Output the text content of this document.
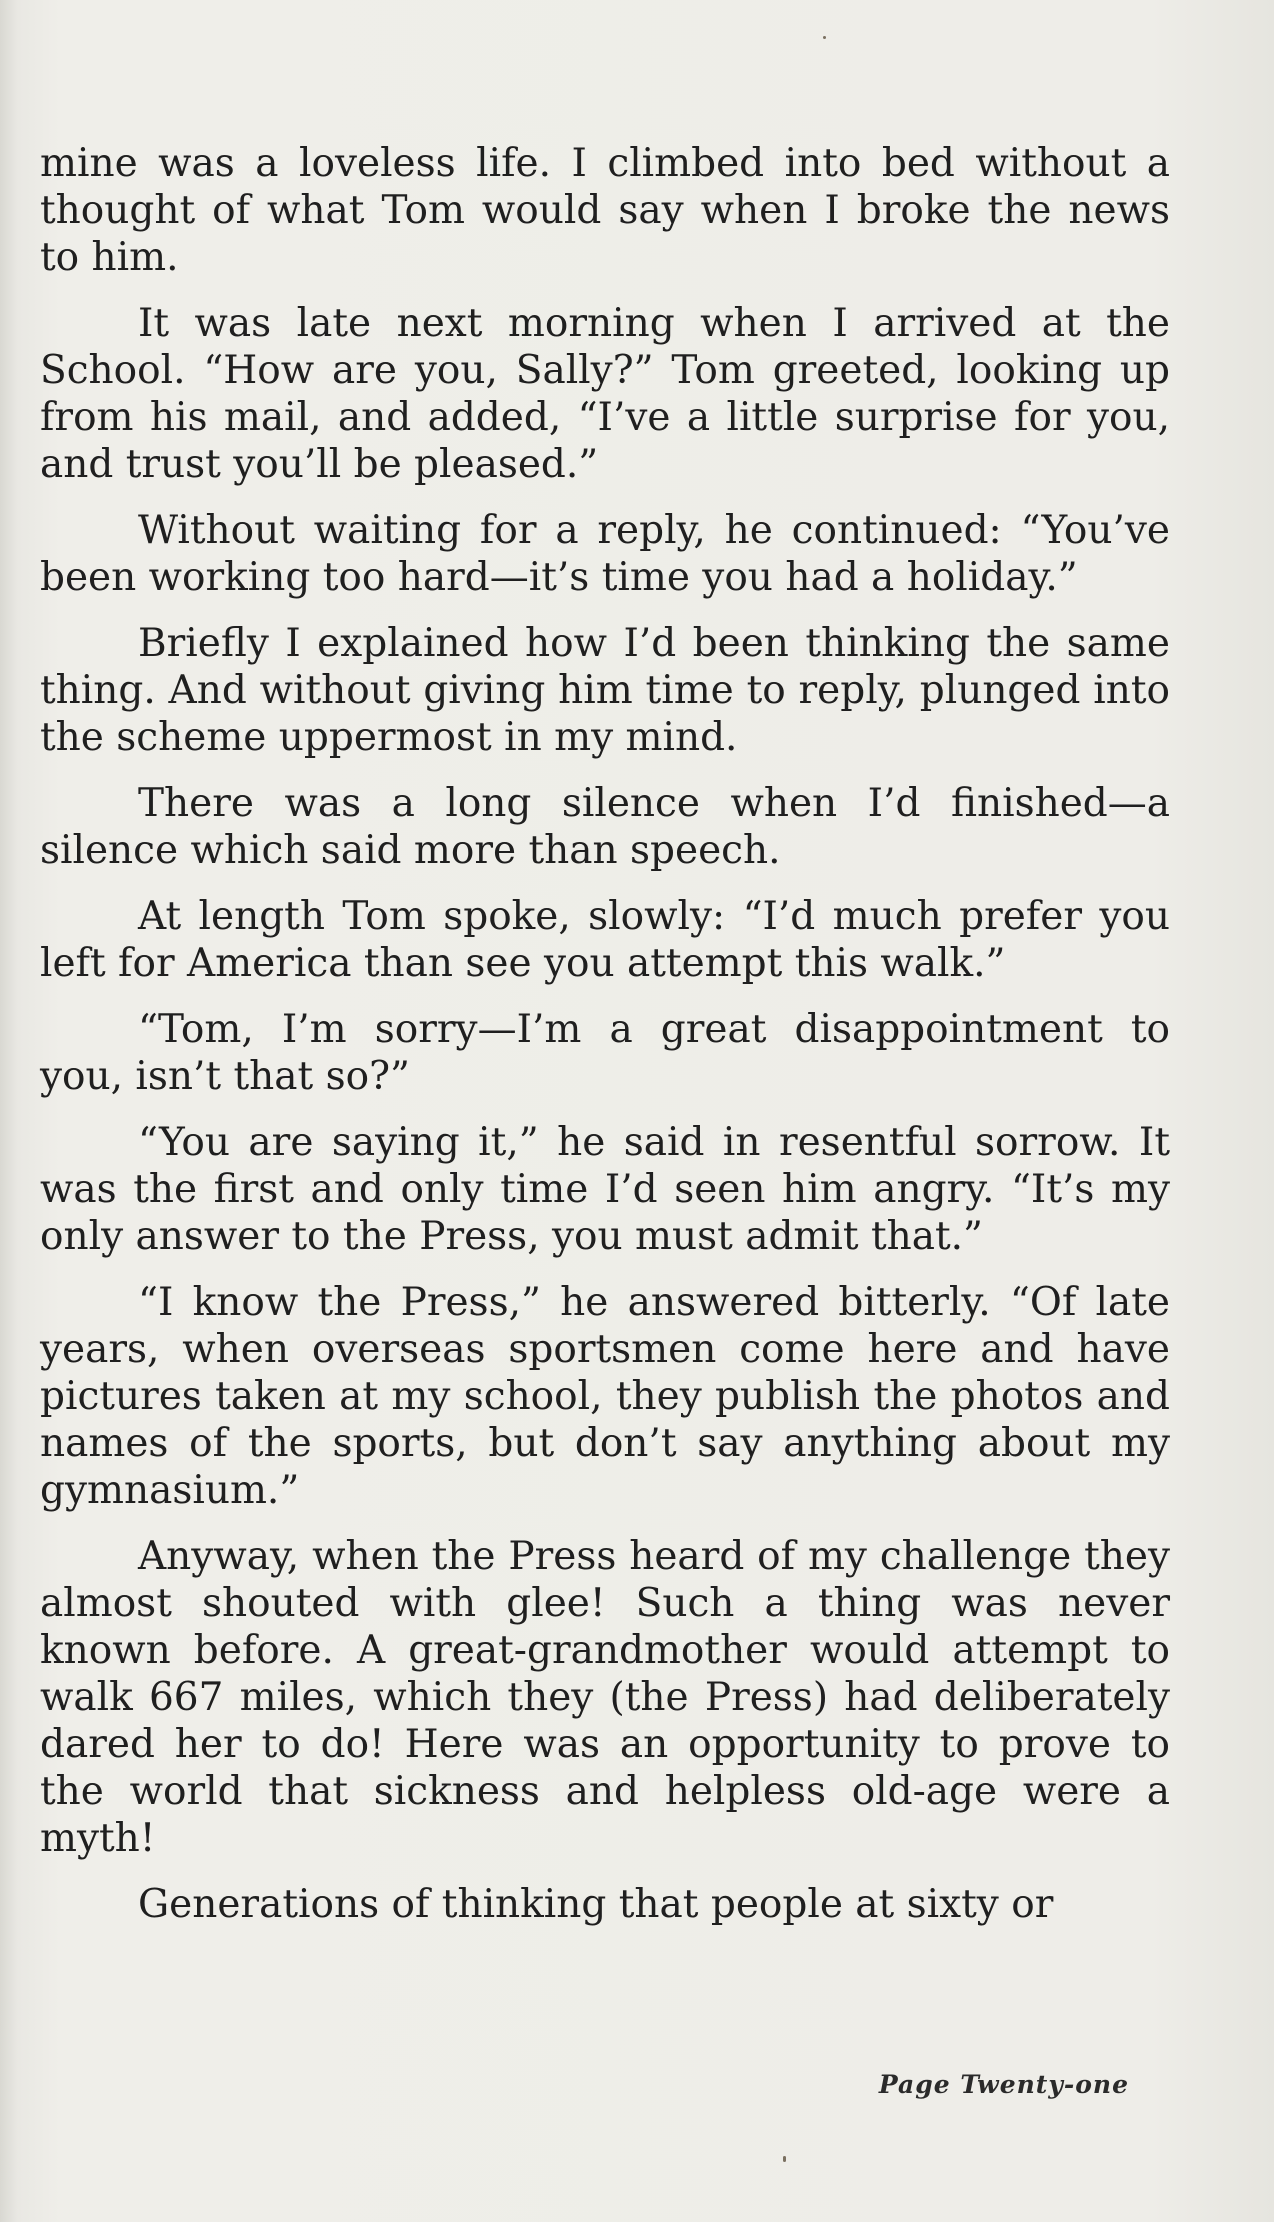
mine was a loveless life. I climbed into bed without a thought of what Tom would say when I broke the news to him.

It was late next morning when I arrived at the School. “How are you, Sally?” Tom greeted, looking up from his mail, and added, “I’ve a little surprise for you, and trust you’ll be pleased.”

Without waiting for a reply, he continued: “You’ve been working too hard—it’s time you had a holiday.”

Briefly I explained how I’d been thinking the same thing. And without giving him time to reply, plunged into the scheme uppermost in my mind.

There was a long silence when I’d finished—a silence which said more than speech.

At length Tom spoke, slowly: “I’d much prefer you left for America than see you attempt this walk.”

“Tom, I’m sorry—I’m a great disappointment to you, isn’t that so?”

“You are saying it,” he said in resentful sorrow. It was the first and only time I’d seen him angry. “It’s my only answer to the Press, you must admit that.”

“I know the Press,” he answered bitterly. “Of late years, when overseas sportsmen come here and have pictures taken at my school, they publish the photos and names of the sports, but don’t say anything about my gymnasium.”

Anyway, when the Press heard of my challenge they almost shouted with glee! Such a thing was never known before. A great-grandmother would attempt to walk 667 miles, which they (the Press) had deliberately dared her to do! Here was an opportunity to prove to the world that sickness and helpless old-age were a myth!

Generations of thinking that people at sixty or

Page Twenty-one
